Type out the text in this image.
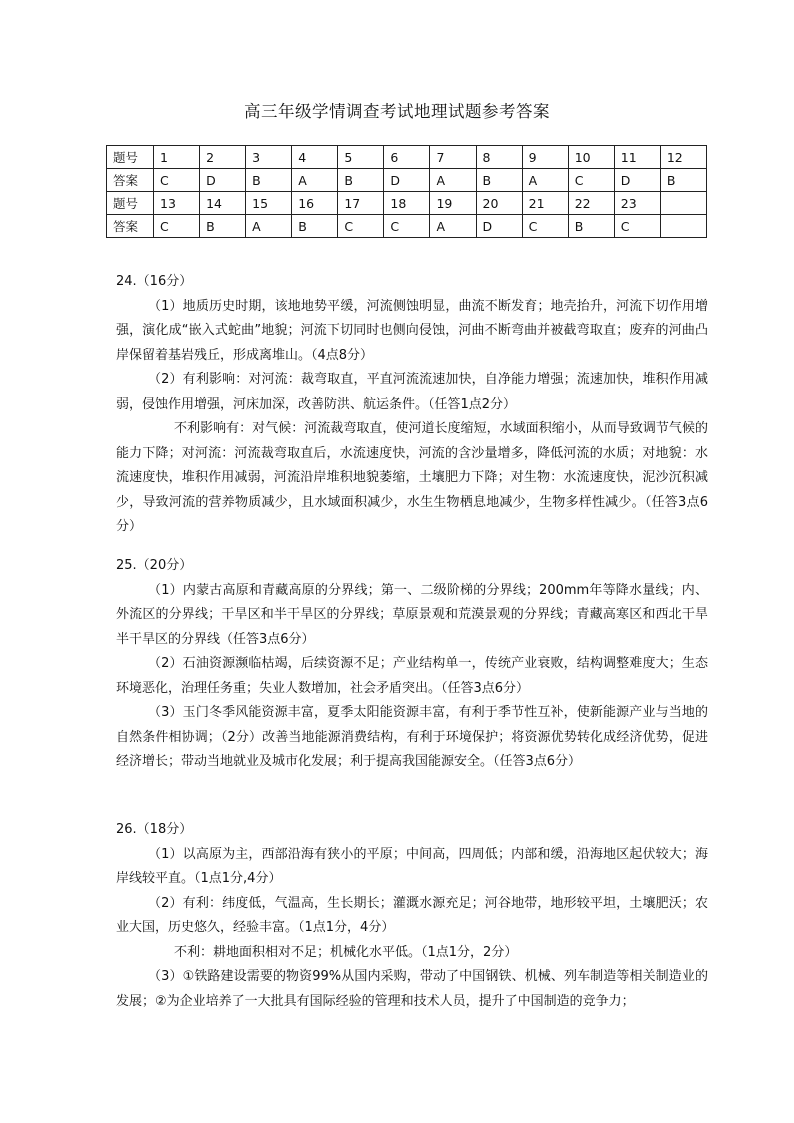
高三年级学情调查考试地理试题参考答案
题号	1	2	3	4	5	6	7	8	9	10	11	12
答案	C	D	B	A	B	D	A	B	A	C	D	B
题号	13	14	15	16	17	18	19	20	21	22	23	
答案	C	B	A	B	C	C	A	D	C	B	C	

24.（16分）

（1）地质历史时期，该地地势平缓，河流侧蚀明显，曲流不断发育；地壳抬升，河流下切作用增强，演化成“嵌入式蛇曲”地貌；河流下切同时也侧向侵蚀，河曲不断弯曲并被截弯取直；废弃的河曲凸岸保留着基岩残丘，形成离堆山。（4点8分）

（2）有利影响：对河流：裁弯取直，平直河流流速加快，自净能力增强；流速加快，堆积作用减弱，侵蚀作用增强，河床加深，改善防洪、航运条件。（任答1点2分）

不利影响有：对气候：河流裁弯取直，使河道长度缩短，水域面积缩小，从而导致调节气候的能力下降；对河流：河流裁弯取直后，水流速度快，河流的含沙量增多，降低河流的水质；对地貌：水流速度快，堆积作用减弱，河流沿岸堆积地貌萎缩，土壤肥力下降；对生物：水流速度快，泥沙沉积减少，导致河流的营养物质减少，且水域面积减少，水生生物栖息地减少，生物多样性减少。（任答3点6分）

25.（20分）

（1）内蒙古高原和青藏高原的分界线；第一、二级阶梯的分界线；200mm年等降水量线；内、外流区的分界线；干旱区和半干旱区的分界线；草原景观和荒漠景观的分界线；青藏高寒区和西北干旱半干旱区的分界线（任答3点6分）

（2）石油资源濒临枯竭，后续资源不足；产业结构单一，传统产业衰败，结构调整难度大；生态环境恶化，治理任务重；失业人数增加，社会矛盾突出。（任答3点6分）

（3）玉门冬季风能资源丰富，夏季太阳能资源丰富，有利于季节性互补，使新能源产业与当地的自然条件相协调；（2分）改善当地能源消费结构，有利于环境保护；将资源优势转化成经济优势，促进经济增长；带动当地就业及城市化发展；利于提高我国能源安全。（任答3点6分）

26.（18分）

（1）以高原为主，西部沿海有狭小的平原；中间高，四周低；内部和缓，沿海地区起伏较大；海岸线较平直。（1点1分,4分）

（2）有利：纬度低，气温高，生长期长；灌溉水源充足；河谷地带，地形较平坦，土壤肥沃；农业大国，历史悠久，经验丰富。（1点1分，4分）

不利：耕地面积相对不足；机械化水平低。（1点1分，2分）

（3）①铁路建设需要的物资99%从国内采购，带动了中国钢铁、机械、列车制造等相关制造业的发展；②为企业培养了一大批具有国际经验的管理和技术人员，提升了中国制造的竞争力；
